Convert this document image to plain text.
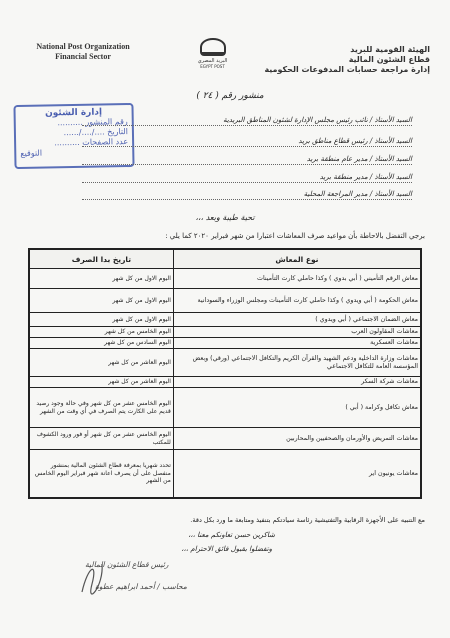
National Post Organization
Financial Sector	البريد المصري
EGYPT POST
الهيئة القومية للبريد
قطاع الشئون المالية
إدارة مراجعة حسابات المدفوعات الحكومية
إدارة الشئون
رقم المنشور ..........
التاريخ ..../..../......
عدد الصفحات ..........
التوقيع
منشور رقم ( ٢٤ )
السيد الأستاذ / نائب رئيس مجلس الإدارة لشئون المناطق البريدية
السيد الأستاذ / رئيس قطاع مناطق بريد
السيد الأستاذ / مدير عام منطقة بريد
السيد الأستاذ / مدير منطقة بريد
السيد الأستاذ / مدير المراجعة المحلية
تحية طيبة وبعد ،،،
برجي التفضل بالاحاطة بأن مواعيد صرف المعاشات اعتبارا من شهر فبراير ٢٠٢٠ كما يلي :
نوع المعاش	تاريخ بدا الصرف
معاش الرقم التأميني ( أبي بدوي ) وكذا حاملي كارت التأمينات	اليوم الاول من كل شهر
معاش الحكومة ( أبي ويدوي ) وكذا حاملي كارت التأمينات ومجلس الوزراء والسودانية	اليوم الاول من كل شهر
معاش الضمان الاجتماعي ( أبي ويدوي )	اليوم الاول من كل شهر
معاشات المقاولون العرب	اليوم الخامس من كل شهر
معاشات العسكرية	اليوم السادس من كل شهر
معاشات وزارة الداخلية ودعم الشهيد والقرآن الكريم والتكافل الاجتماعي (ورقي) وبعض المؤسسة العامة للتكافل الاجتماعي	اليوم العاشر من كل شهر
معاشات شركة السكر	اليوم العاشر من كل شهر
معاش تكافل وكرامة ( أبي )	اليوم الخامس عشر من كل شهر وفي حالة وجود رصيد قديم على الكارت يتم الصرف في أي وقت من الشهر
معاشات التمريض والأورمان والصحفيين والمحاربين	اليوم الخامس عشر من كل شهر أو فور ورود الكشوف للمكتب
معاشات يونيون اير	تحدد شهريا بمعرفة قطاع الشئون المالية بمنشور منفصل على أن يصرف اعانة شهر فبراير اليوم الخامس من الشهر
مع التنبيه على الأجهزة الرقابية والتفتيشية رئاسة سيادتكم بتنفيذ ومتابعة ما ورد بكل دقة.
شاكرين حسن تعاونكم معنا ،،،
وتفضلوا بقبول فائق الاحترام ،،،
رئيس قطاع الشئون المالية
محاسب / أحمد ابراهيم عطوة
